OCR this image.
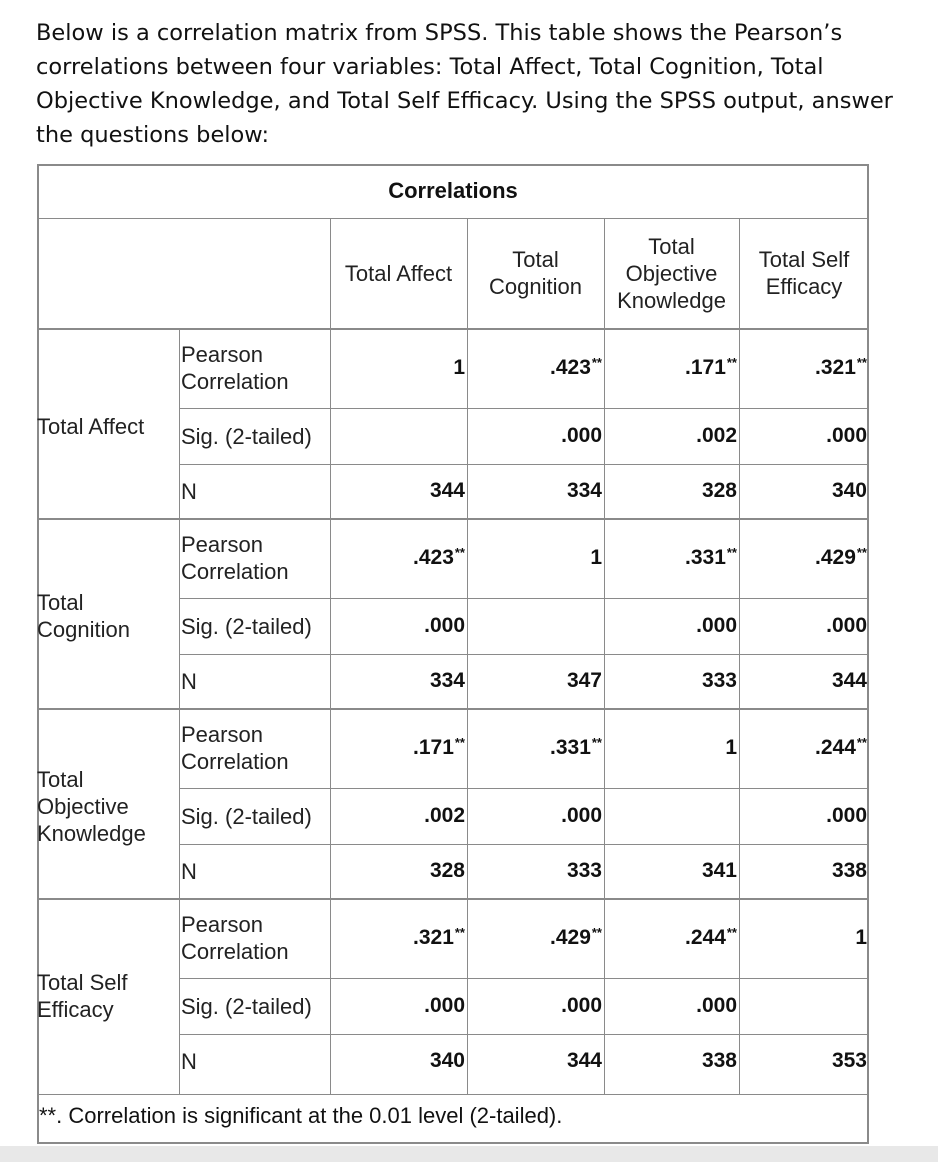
Below is a correlation matrix from SPSS. This table shows the Pearson’s correlations between four variables: Total Affect, Total Cognition, Total Objective Knowledge, and Total Self Efficacy. Using the SPSS output, answer the questions below:
Correlations
**. Correlation is significant at the 0.01 level (2-tailed).
Total Affect
Total Cognition
Total Objective Knowledge
Total Self Efficacy
Total Affect
Pearson Correlation
Sig. (2-tailed)
N
1
344
.423**
.000
334
.171**
.002
328
.321**
.000
340
Total Cognition
Pearson Correlation
Sig. (2-tailed)
N
.423**
.000
334
1
347
.331**
.000
333
.429**
.000
344
Total Objective Knowledge
Pearson Correlation
Sig. (2-tailed)
N
.171**
.002
328
.331**
.000
333
1
341
.244**
.000
338
Total Self Efficacy
Pearson Correlation
Sig. (2-tailed)
N
.321**
.000
340
.429**
.000
344
.244**
.000
338
1
353
